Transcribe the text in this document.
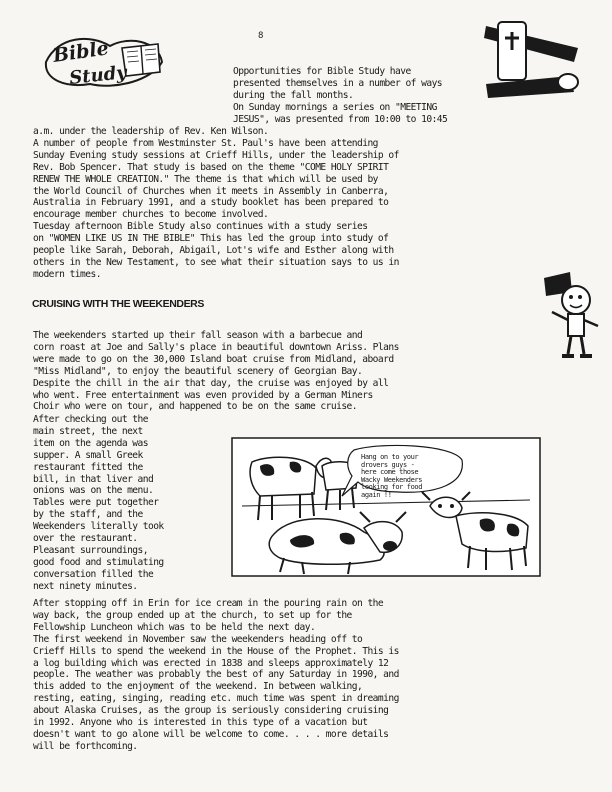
8
Bible
Study	Opportunities for Bible Study have
presented themselves in a number of ways
during the fall months.
On Sunday mornings a series on "MEETING
JESUS", was presented from 10:00 to 10:45
a.m. under the leadership of Rev. Ken Wilson.
A number of people from Westminster St. Paul's have been attending
Sunday Evening study sessions at Crieff Hills, under the leadership of
Rev. Bob Spencer. That study is based on the theme "COME HOLY SPIRIT
RENEW THE WHOLE CREATION." The theme is that which will be used by
the World Council of Churches when it meets in Assembly in Canberra,
Australia in February 1991, and a study booklet has been prepared to
encourage member churches to become involved.
Tuesday afternoon Bible Study also continues with a study series
on "WOMEN LIKE US IN THE BIBLE" This has led the group into study of
people like Sarah, Deborah, Abigail, Lot's wife and Esther along with
others in the New Testament, to see what their situation says to us in
modern times.
CRUISING WITH THE WEEKENDERS
The weekenders started up their fall season with a barbecue and
corn roast at Joe and Sally's place in beautiful downtown Ariss. Plans
were made to go on the 30,000 Island boat cruise from Midland, aboard
"Miss Midland", to enjoy the beautiful scenery of Georgian Bay.
Despite the chill in the air that day, the cruise was enjoyed by all
who went. Free entertainment was even provided by a German Miners
Choir who were on tour, and happened to be on the same cruise.
After checking out the
main street, the next
item on the agenda was
supper. A small Greek
restaurant fitted the
bill, in that liver and
onions was on the menu.
Tables were put together
by the staff, and the
Weekenders literally took
over the restaurant.
Pleasant surroundings,
good food and stimulating
conversation filled the
next ninety minutes.
Hang on to your
drovers guys -
here come those
Wacky Weekenders
looking for food
again !!
After stopping off in Erin for ice cream in the pouring rain on the
way back, the group ended up at the church, to set up for the
Fellowship Luncheon which was to be held the next day.
The first weekend in November saw the weekenders heading off to
Crieff Hills to spend the weekend in the House of the Prophet. This is
a log building which was erected in 1838 and sleeps approximately 12
people. The weather was probably the best of any Saturday in 1990, and
this added to the enjoyment of the weekend. In between walking,
resting, eating, singing, reading etc. much time was spent in dreaming
about Alaska Cruises, as the group is seriously considering cruising
in 1992. Anyone who is interested in this type of a vacation but
doesn't want to go alone will be welcome to come. . . . more details
will be forthcoming.
